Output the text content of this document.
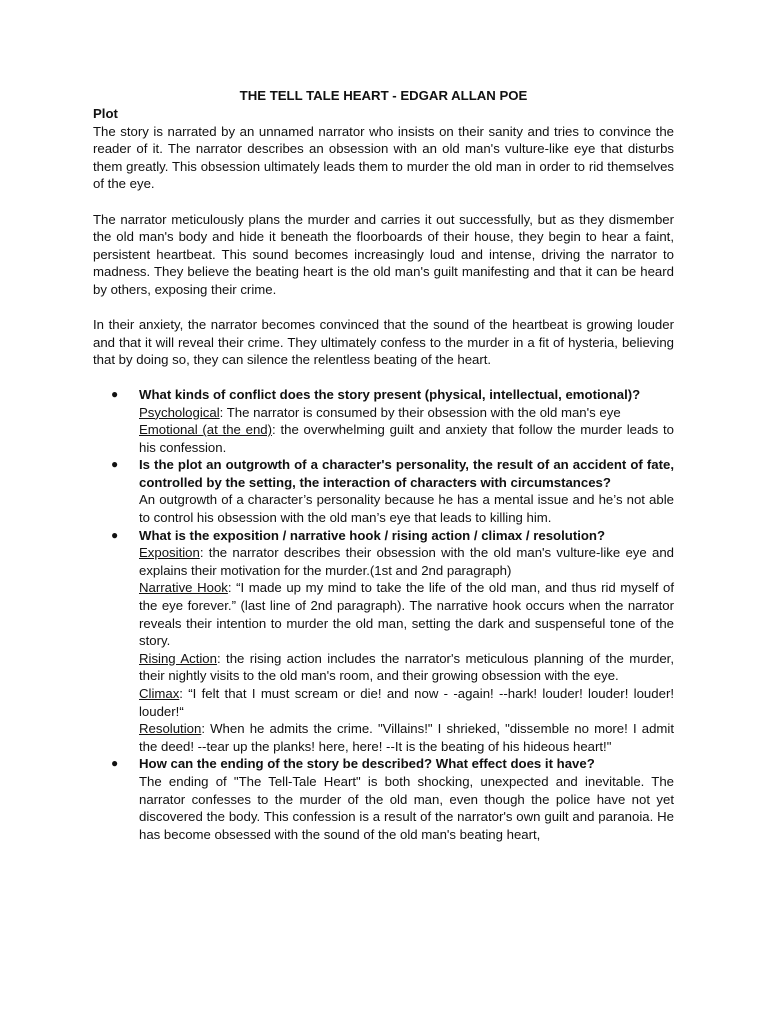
THE TELL TALE HEART - EDGAR ALLAN POE

Plot

The story is narrated by an unnamed narrator who insists on their sanity and tries to convince the reader of it. The narrator describes an obsession with an old man's vulture-like eye that disturbs them greatly. This obsession ultimately leads them to murder the old man in order to rid themselves of the eye.

The narrator meticulously plans the murder and carries it out successfully, but as they dismember the old man's body and hide it beneath the floorboards of their house, they begin to hear a faint, persistent heartbeat. This sound becomes increasingly loud and intense, driving the narrator to madness. They believe the beating heart is the old man's guilt manifesting and that it can be heard by others, exposing their crime.

In their anxiety, the narrator becomes convinced that the sound of the heartbeat is growing louder and that it will reveal their crime. They ultimately confess to the murder in a fit of hysteria, believing that by doing so, they can silence the relentless beating of the heart.

● What kinds of conflict does the story present (physical, intellectual, emotional)?

Psychological: The narrator is consumed by their obsession with the old man's eye

Emotional (at the end): the overwhelming guilt and anxiety that follow the murder leads to his confession.

● Is the plot an outgrowth of a character's personality, the result of an accident of fate, controlled by the setting, the interaction of characters with circumstances?

An outgrowth of a character’s personality because he has a mental issue and he’s not able to control his obsession with the old man’s eye that leads to killing him.

● What is the exposition / narrative hook / rising action / climax / resolution?

Exposition: the narrator describes their obsession with the old man's vulture-like eye and explains their motivation for the murder.(1st and 2nd paragraph)

Narrative Hook: “I made up my mind to take the life of the old man, and thus rid myself of the eye forever.” (last line of 2nd paragraph). The narrative hook occurs when the narrator reveals their intention to murder the old man, setting the dark and suspenseful tone of the story.

Rising Action: the rising action includes the narrator's meticulous planning of the murder, their nightly visits to the old man's room, and their growing obsession with the eye.

Climax: “I felt that I must scream or die! and now - -again! --hark! louder! louder! louder! louder!“

Resolution: When he admits the crime. "Villains!" I shrieked, "dissemble no more! I admit the deed! --tear up the planks! here, here! --It is the beating of his hideous heart!"

● How can the ending of the story be described? What effect does it have?

The ending of "The Tell-Tale Heart" is both shocking, unexpected and inevitable. The narrator confesses to the murder of the old man, even though the police have not yet discovered the body. This confession is a result of the narrator's own guilt and paranoia. He has become obsessed with the sound of the old man's beating heart,
